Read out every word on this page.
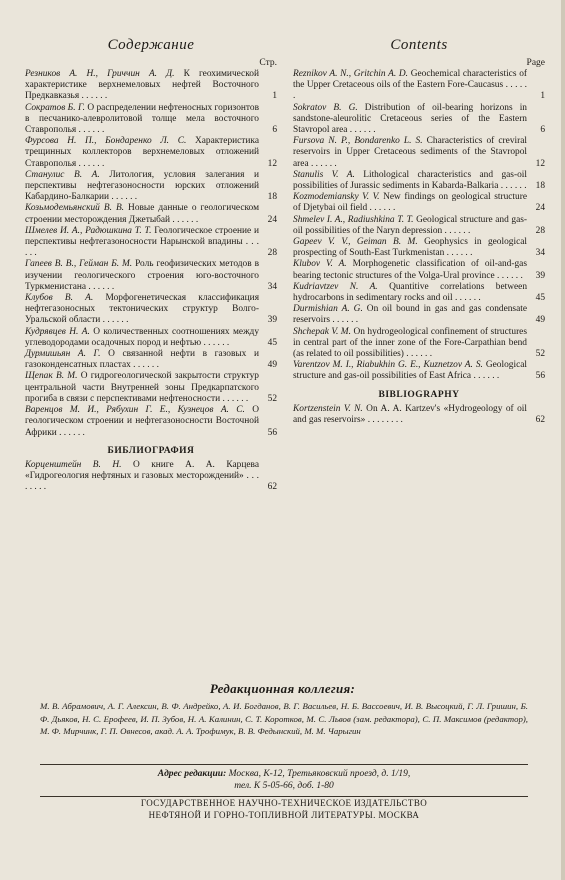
Содержание
Стр.
Резников А. Н., Гриччин А. Д. К геохимической характеристике верхнемеловых нефтей Восточного Предкавказья . . . . . .	1
Сократов Б. Г. О распределении нефтеносных горизонтов в песчанико-алевролитовой толще мела восточного Ставрополья . . . . . .	6
Фурсова Н. П., Бондаренко Л. С. Характеристика трещинных коллекторов верхнемеловых отложений Ставрополья . . . . . .	12
Станулис В. А. Литология, условия залегания и перспективы нефтегазоносности юрских отложений Кабардино-Балкарии . . . . . .	18
Козьмодемьянский В. В. Новые данные о геологическом строении месторождения Джетыбай . . . . . .	24
Шмелев И. А., Радюшкина Т. Т. Геологическое строение и перспективы нефтегазоносности Нарынской впадины . . . . . .	28
Гапеев В. В., Гейман Б. М. Роль геофизических методов в изучении геологического строения юго-восточного Туркменистана . . . . . .	34
Клубов В. А. Морфогенетическая классификация нефтегазоносных тектонических структур Волго-Уральской области . . . . . .	39
Кудрявцев Н. А. О количественных соотношениях между углеводородами осадочных пород и нефтью . . . . . .	45
Дурмишьян А. Г. О связанной нефти в газовых и газоконденсатных пластах . . . . . .	49
Щепак В. М. О гидрогеологической закрытости структур центральной части Внутренней зоны Предкарпатского прогиба в связи с перспективами нефтеносности . . . . . .	52
Варенцов М. И., Рябухин Г. Е., Кузнецов А. С. О геологическом строении и нефтегазоносности Восточной Африки . . . . . .	56
БИБЛИОГРАФИЯ
Корценштейн В. Н. О книге А. А. Карцева «Гидрогеология нефтяных и газовых месторождений» . . . . . . . .	62
Contents
Page
Reznikov A. N., Gritchin A. D. Geochemical characteristics of the Upper Cretaceous oils of the Eastern Fore-Caucasus . . . . . .	1
Sokratov B. G. Distribution of oil-bearing horizons in sandstone-aleurolitic Cretaceous series of the Eastern Stavropol area . . . . . .	6
Fursova N. P., Bondarenko L. S. Characteristics of creviral reservoirs in Upper Cretaceous sediments of the Stavropol area . . . . . .	12
Stanulis V. A. Lithological characteristics and gas-oil possibilities of Jurassic sediments in Kabarda-Balkaria . . . . . . 18
Kozmodemiansky V. V. New findings on geological structure of Djetybai oil field . . . . . .	24
Shmelev I. A., Radiushkina T. T. Geological structure and gas-oil possibilities of the Naryn depression . . . . . .	28
Gapeev V. V., Geiman B. M. Geophysics in geological prospecting of South-East Turkmenistan . . . . . .	34
Klubov V. A. Morphogenetic classification of oil-and-gas bearing tectonic structures of the Volga-Ural province . . . . . .	39
Kudriavtzev N. A. Quantitive correlations between hydrocarbons in sedimentary rocks and oil . . . . . .	45
Durmishian A. G. On oil bound in gas and gas condensate reservoirs . . . . . .	49
Shchepak V. M. On hydrogeological confinement of structures in central part of the inner zone of the Fore-Carpathian bend (as related to oil possibilities) . . . . . .	52
Varentzov M. I., Riabukhin G. E., Kuznetzov A. S. Geological structure and gas-oil possibilities of East Africa . . . . . .	56
BIBLIOGRAPHY
Kortzenstein V. N. On A. A. Kartzev's «Hydrogeology of oil and gas reservoirs» . . . . . . . .	62
Редакционная коллегия:
М. В. Абрамович, А. Г. Алексин, В. Ф. Андрейко, А. И. Богданов, В. Г. Васильев, Н. Б. Вассоевич, И. В. Высоцкий, Г. Л. Гришин, Б. Ф. Дьяков, Н. С. Ерофеев, И. П. Зубов, Н. А. Калинин, С. Т. Коротков, М. С. Львов (зам. редактора), С. П. Максимов (редактор), М. Ф. Мирчинк, Г. П. Овнесов, акад. А. А. Трофимук, В. В. Федынский, М. М. Чарыгин
Адрес редакции: Москва, К-12, Третьяковский проезд, д. 1/19,
тел. К 5-05-66, доб. 1-80
ГОСУДАРСТВЕННОЕ НАУЧНО-ТЕХНИЧЕСКОЕ ИЗДАТЕЛЬСТВО
НЕФТЯНОЙ И ГОРНО-ТОПЛИВНОЙ ЛИТЕРАТУРЫ. МОСКВА
